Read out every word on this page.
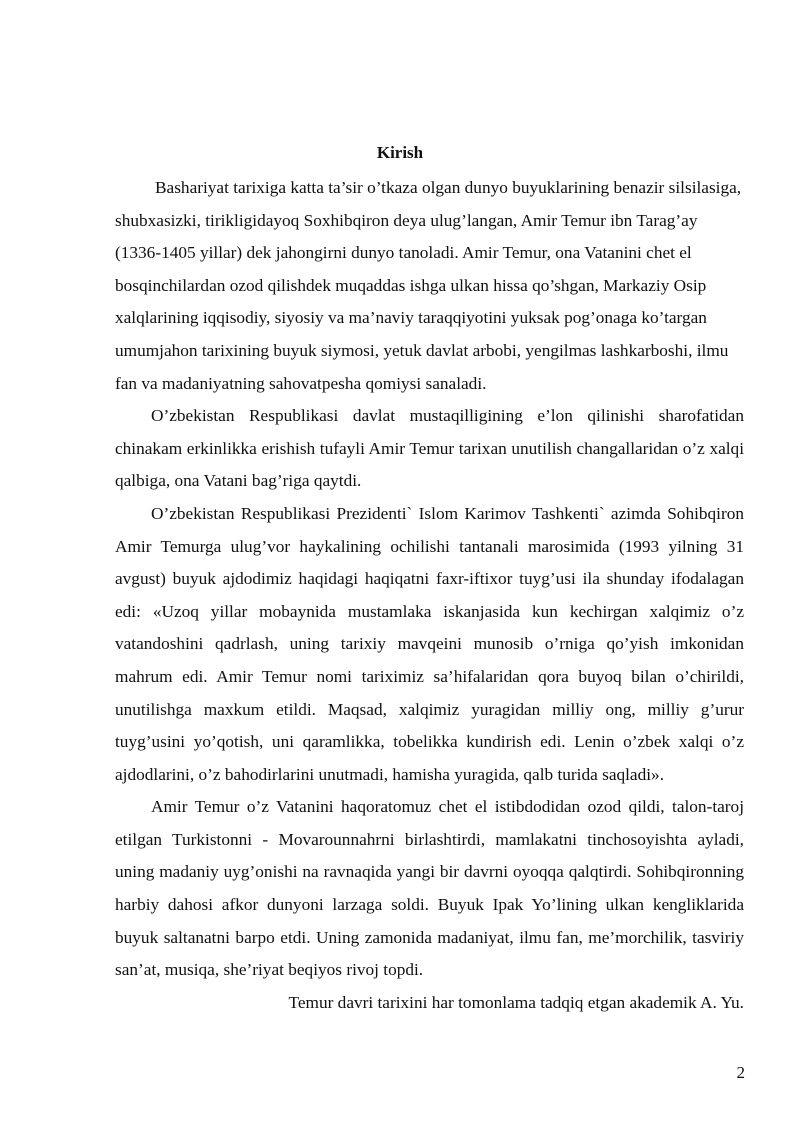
Kirish

Bashariyat tarixiga katta ta’sir o’tkaza olgan dunyo buyuklarining benazir silsilasiga, shubxasizki, tirikligidayoq Soxhibqiron deya ulug’langan, Amir Temur ibn Tarag’ay (1336-1405 yillar) dek jahongirni dunyo tanoladi. Amir Temur, ona Vatanini chet el bosqinchilardan ozod qilishdek muqaddas ishga ulkan hissa qo’shgan, Markaziy Osip xalqlarining iqqisodiy, siyosiy va ma’naviy taraqqiyotini yuksak pog’onaga ko’targan umumjahon tarixining buyuk siymosi, yetuk davlat arbobi, yengilmas lashkarboshi, ilmu fan va madaniyatning sahovatpesha qomiysi sanaladi.

O’zbekistan Respublikasi davlat mustaqilligining e’lon qilinishi sharofatidan chinakam erkinlikka erishish tufayli Amir Temur tarixan unutilish changallaridan o’z xalqi qalbiga, ona Vatani bag’riga qaytdi.

O’zbekistan Respublikasi Prezidenti` Islom Karimov Tashkenti` azimda Sohibqiron Amir Temurga ulug’vor haykalining ochilishi tantanali marosimida (1993 yilning 31 avgust) buyuk ajdodimiz haqidagi haqiqatni faxr-iftixor tuyg’usi ila shunday ifodalagan edi: «Uzoq yillar mobaynida mustamlaka iskanjasida kun kechirgan xalqimiz o’z vatandoshini qadrlash, uning tarixiy mavqeini munosib o’rniga qo’yish imkonidan mahrum edi. Amir Temur nomi tariximiz sa’hifalaridan qora buyoq bilan o’chirildi, unutilishga maxkum etildi. Maqsad, xalqimiz yuragidan milliy ong, milliy g’urur tuyg’usini yo’qotish, uni qaramlikka, tobelikka kundirish edi. Lenin o’zbek xalqi o’z ajdodlarini, o’z bahodirlarini unutmadi, hamisha yuragida, qalb turida saqladi».

Amir Temur o’z Vatanini haqoratomuz chet el istibdodidan ozod qildi, talon-taroj etilgan Turkistonni - Movarounnahrni birlashtirdi, mamlakatni tinchosoyishta ayladi, uning madaniy uyg’onishi na ravnaqida yangi bir davrni oyoqqa qalqtirdi. Sohibqironning harbiy dahosi afkor dunyoni larzaga soldi. Buyuk Ipak Yo’lining ulkan kengliklarida buyuk saltanatni barpo etdi. Uning zamonida madaniyat, ilmu fan, me’morchilik, tasviriy san’at, musiqa, she’riyat beqiyos rivoj topdi.

Temur davri tarixini har tomonlama tadqiq etgan akademik A. Yu.

2
